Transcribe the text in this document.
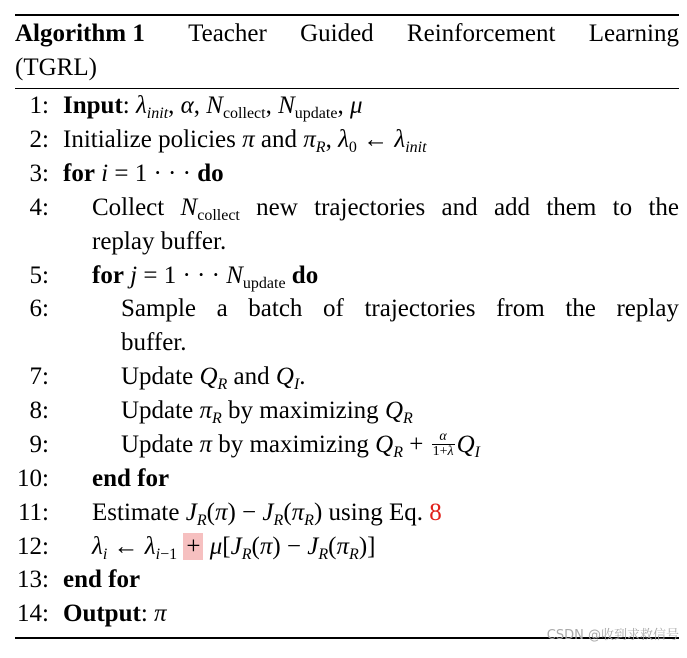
Algorithm 1 Teacher Guided Reinforcement Learning
(TGRL)
1: Input: $\lambda_{init}$, α, $N_{collect}$, $N_{update}$, μ
2: Initialize policies π and $\pi_R$, $\lambda_0$ ← $\lambda_{init}$
3: for i = 1 · · · do
4: Collect $N_{collect}$ new trajectories and add them to the
replay buffer.
5: for j = 1 · · · $N_{update}$ do
6:	Sample a batch of trajectories from the replay
buffer.
7:	Update $Q_R$ and $Q_I$.
8:	Update $\pi_R$ by maximizing $Q_R$
9:	Update π by maximizing $Q_R + \frac{\alpha}{1+\lambda} Q_I$
10: end for
11: Estimate $J_R(\pi) - J_R(\pi_R)$ using Eq. 8
12: $\lambda_i$ ← $\lambda_{i-1} + \mu[J_R(\pi) - J_R(\pi_R)]$
13: end for
14: Output: π
CSDN @收到求救信号
